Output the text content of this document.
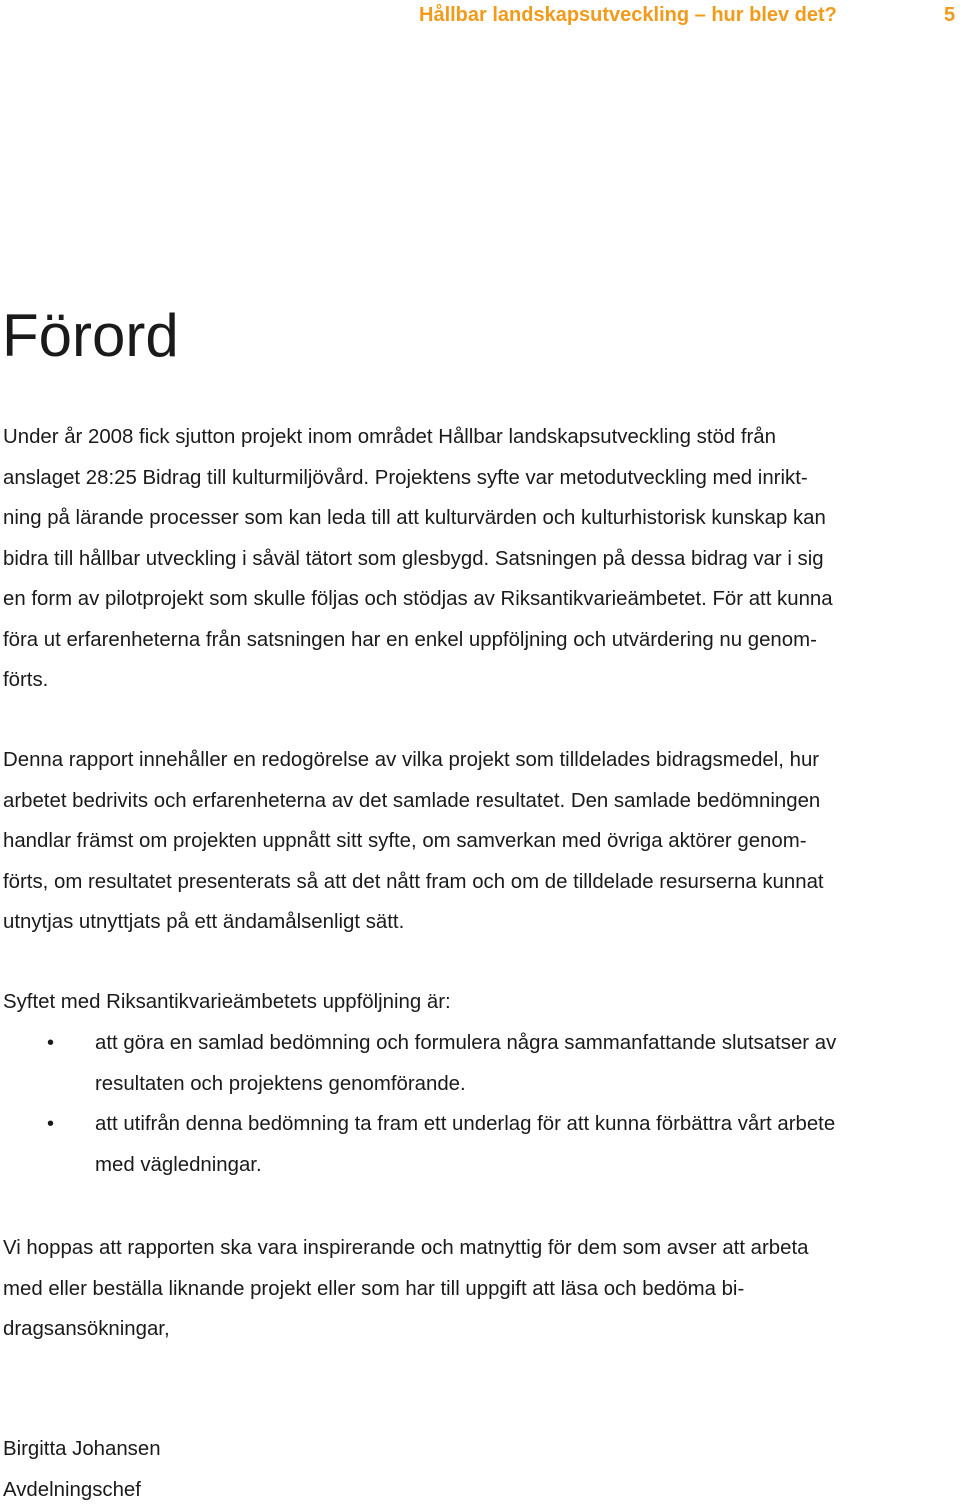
Hållbar landskapsutveckling – hur blev det?	5
Förord
Under år 2008 fick sjutton projekt inom området Hållbar landskapsutveckling stöd från
anslaget 28:25 Bidrag till kulturmiljövård. Projektens syfte var metodutveckling med inrikt-
ning på lärande processer som kan leda till att kulturvärden och kulturhistorisk kunskap kan
bidra till hållbar utveckling i såväl tätort som glesbygd. Satsningen på dessa bidrag var i sig
en form av pilotprojekt som skulle följas och stödjas av Riksantikvarieämbetet. För att kunna
föra ut erfarenheterna från satsningen har en enkel uppföljning och utvärdering nu genom-
förts.
Denna rapport innehåller en redogörelse av vilka projekt som tilldelades bidragsmedel, hur
arbetet bedrivits och erfarenheterna av det samlade resultatet. Den samlade bedömningen
handlar främst om projekten uppnått sitt syfte, om samverkan med övriga aktörer genom-
förts, om resultatet presenterats så att det nått fram och om de tilldelade resurserna kunnat
utnytjas utnyttjats på ett ändamålsenligt sätt.
Syftet med Riksantikvarieämbetets uppföljning är:
• att göra en samlad bedömning och formulera några sammanfattande slutsatser av
resultaten och projektens genomförande.
• att utifrån denna bedömning ta fram ett underlag för att kunna förbättra vårt arbete
med vägledningar.
Vi hoppas att rapporten ska vara inspirerande och matnyttig för dem som avser att arbeta
med eller beställa liknande projekt eller som har till uppgift att läsa och bedöma bi-
dragsansökningar,
Birgitta Johansen
Avdelningschef
